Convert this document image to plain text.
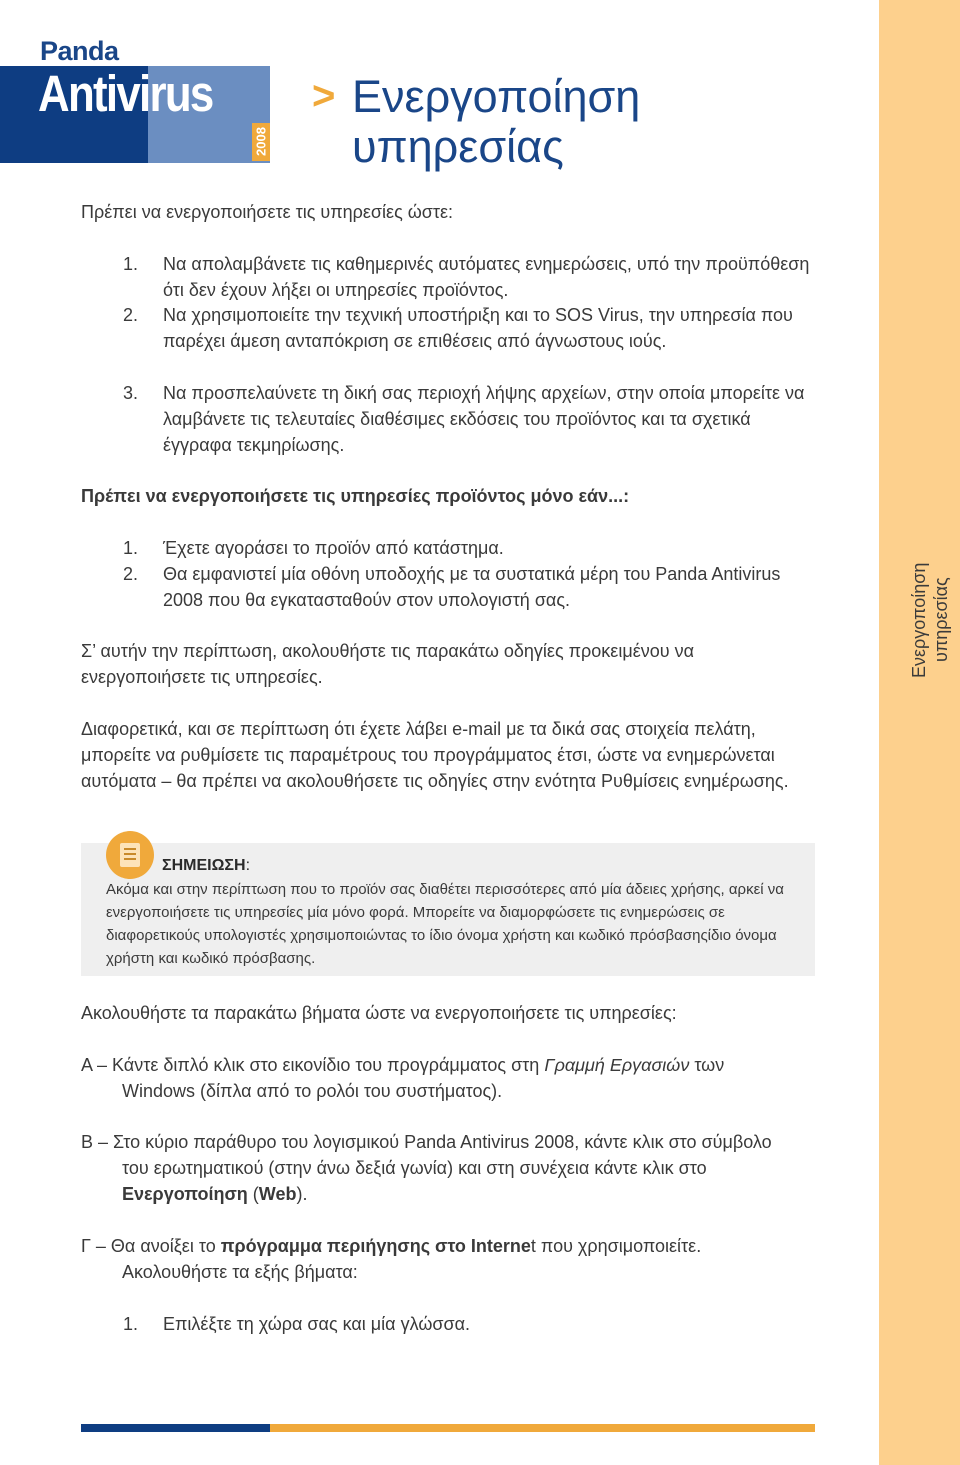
Ενεργοποίηση υπηρεσίας
Panda
Antivirus
2008
> Ενεργοποίηση
υπηρεσίας
Πρέπει να ενεργοποιήσετε τις υπηρεσίες ώστε:
1. Να απολαμβάνετε τις καθημερινές αυτόματες ενημερώσεις, υπό την προϋπόθεση ότι δεν έχουν λήξει οι υπηρεσίες προϊόντος.
2. Να χρησιμοποιείτε την τεχνική υποστήριξη και το SOS Virus, την υπηρεσία που παρέχει άμεση ανταπόκριση σε επιθέσεις από άγνωστους ιούς.
3. Να προσπελαύνετε τη δική σας περιοχή λήψης αρχείων, στην οποία μπορείτε να λαμβάνετε τις τελευταίες διαθέσιμες εκδόσεις του προϊόντος και τα σχετικά έγγραφα τεκμηρίωσης.
Πρέπει να ενεργοποιήσετε τις υπηρεσίες προϊόντος μόνο εάν...:
1. Έχετε αγοράσει το προϊόν από κατάστημα.
2. Θα εμφανιστεί μία οθόνη υποδοχής με τα συστατικά μέρη του Panda Antivirus 2008 που θα εγκατασταθούν στον υπολογιστή σας.
Σ’ αυτήν την περίπτωση, ακολουθήστε τις παρακάτω οδηγίες προκειμένου να ενεργοποιήσετε τις υπηρεσίες.
Διαφορετικά, και σε περίπτωση ότι έχετε λάβει e-mail με τα δικά σας στοιχεία πελάτη, μπορείτε να ρυθμίσετε τις παραμέτρους του προγράμματος έτσι, ώστε να ενημερώνεται αυτόματα – θα πρέπει να ακολουθήσετε τις οδηγίες στην ενότητα Ρυθμίσεις ενημέρωσης.
ΣΗΜΕΙΩΣΗ:
Ακόμα και στην περίπτωση που το προϊόν σας διαθέτει περισσότερες από μία άδειες χρήσης, αρκεί να ενεργοποιήσετε τις υπηρεσίες μία μόνο φορά. Μπορείτε να διαμορφώσετε τις ενημερώσεις σε διαφορετικούς υπολογιστές χρησιμοποιώντας το ίδιο όνομα χρήστη και κωδικό πρόσβασηςίδιο όνομα χρήστη και κωδικό πρόσβασης.
Ακολουθήστε τα παρακάτω βήματα ώστε να ενεργοποιήσετε τις υπηρεσίες:
A – Κάντε διπλό κλικ στο εικονίδιο του προγράμματος στη Γραμμή Εργασιών των
Windows (δίπλα από το ρολόι του συστήματος).
B – Στο κύριο παράθυρο του λογισμικού Panda Antivirus 2008, κάντε κλικ στο σύμβολο του ερωτηματικού (στην άνω δεξιά γωνία) και στη συνέχεια κάντε κλικ στο Ενεργοποίηση (Web).
Γ – Θα ανοίξει το πρόγραμμα περιήγησης στο Internet που χρησιμοποιείτε.
Ακολουθήστε τα εξής βήματα:
1. Επιλέξτε τη χώρα σας και μία γλώσσα.
